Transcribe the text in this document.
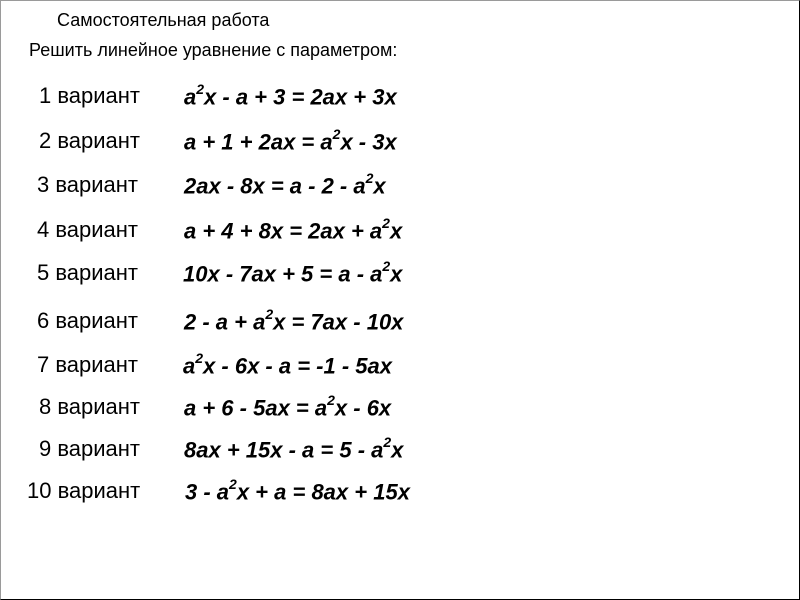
Самостоятельная работа
Решить линейное уравнение с параметром:
1 вариант $a^2x - a + 3 = 2ax + 3x$
2 вариант $a + 1 + 2ax = a^2x - 3x$
3 вариант $2ax - 8x = a - 2 - a^2x$
4 вариант $a + 4 + 8x = 2ax + a^2x$
5 вариант $10x - 7ax + 5 = a - a^2x$
6 вариант $2 - a + a^2x = 7ax - 10x$
7 вариант $a^2x - 6x - a = -1 - 5ax$
8 вариант $a + 6 - 5ax = a^2x - 6x$
9 вариант $8ax + 15x - a = 5 - a^2x$
10 вариант $3 - a^2x + a = 8ax + 15x$
